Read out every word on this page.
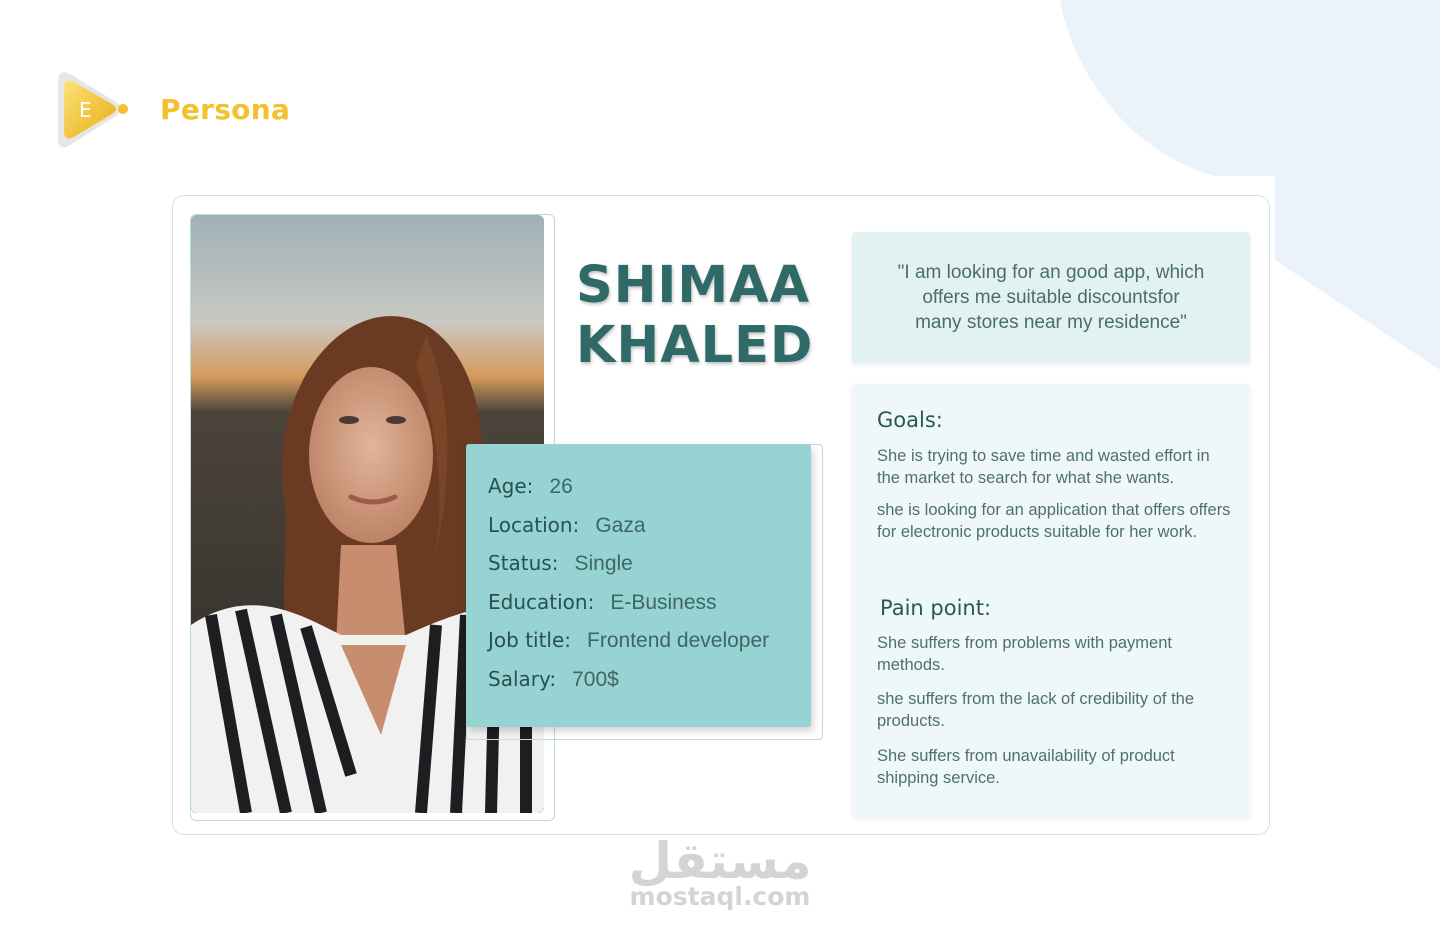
E Persona
SHIMAA
KHALED
Age: 26
Location: Gaza
Status: Single
Education: E-Business
Job title: Frontend developer
Salary: 700$
"I am looking for an good app, which
offers me suitable discountsfor
many stores near my residence"
Goals:
She is trying to save time and wasted effort in the market to search for what she wants.
she is looking for an application that offers offers for electronic products suitable for her work.
Pain point:
She suffers from problems with payment methods.
she suffers from the lack of credibility of the products.
She suffers from unavailability of product shipping service.
مستقل
mostaql.com
